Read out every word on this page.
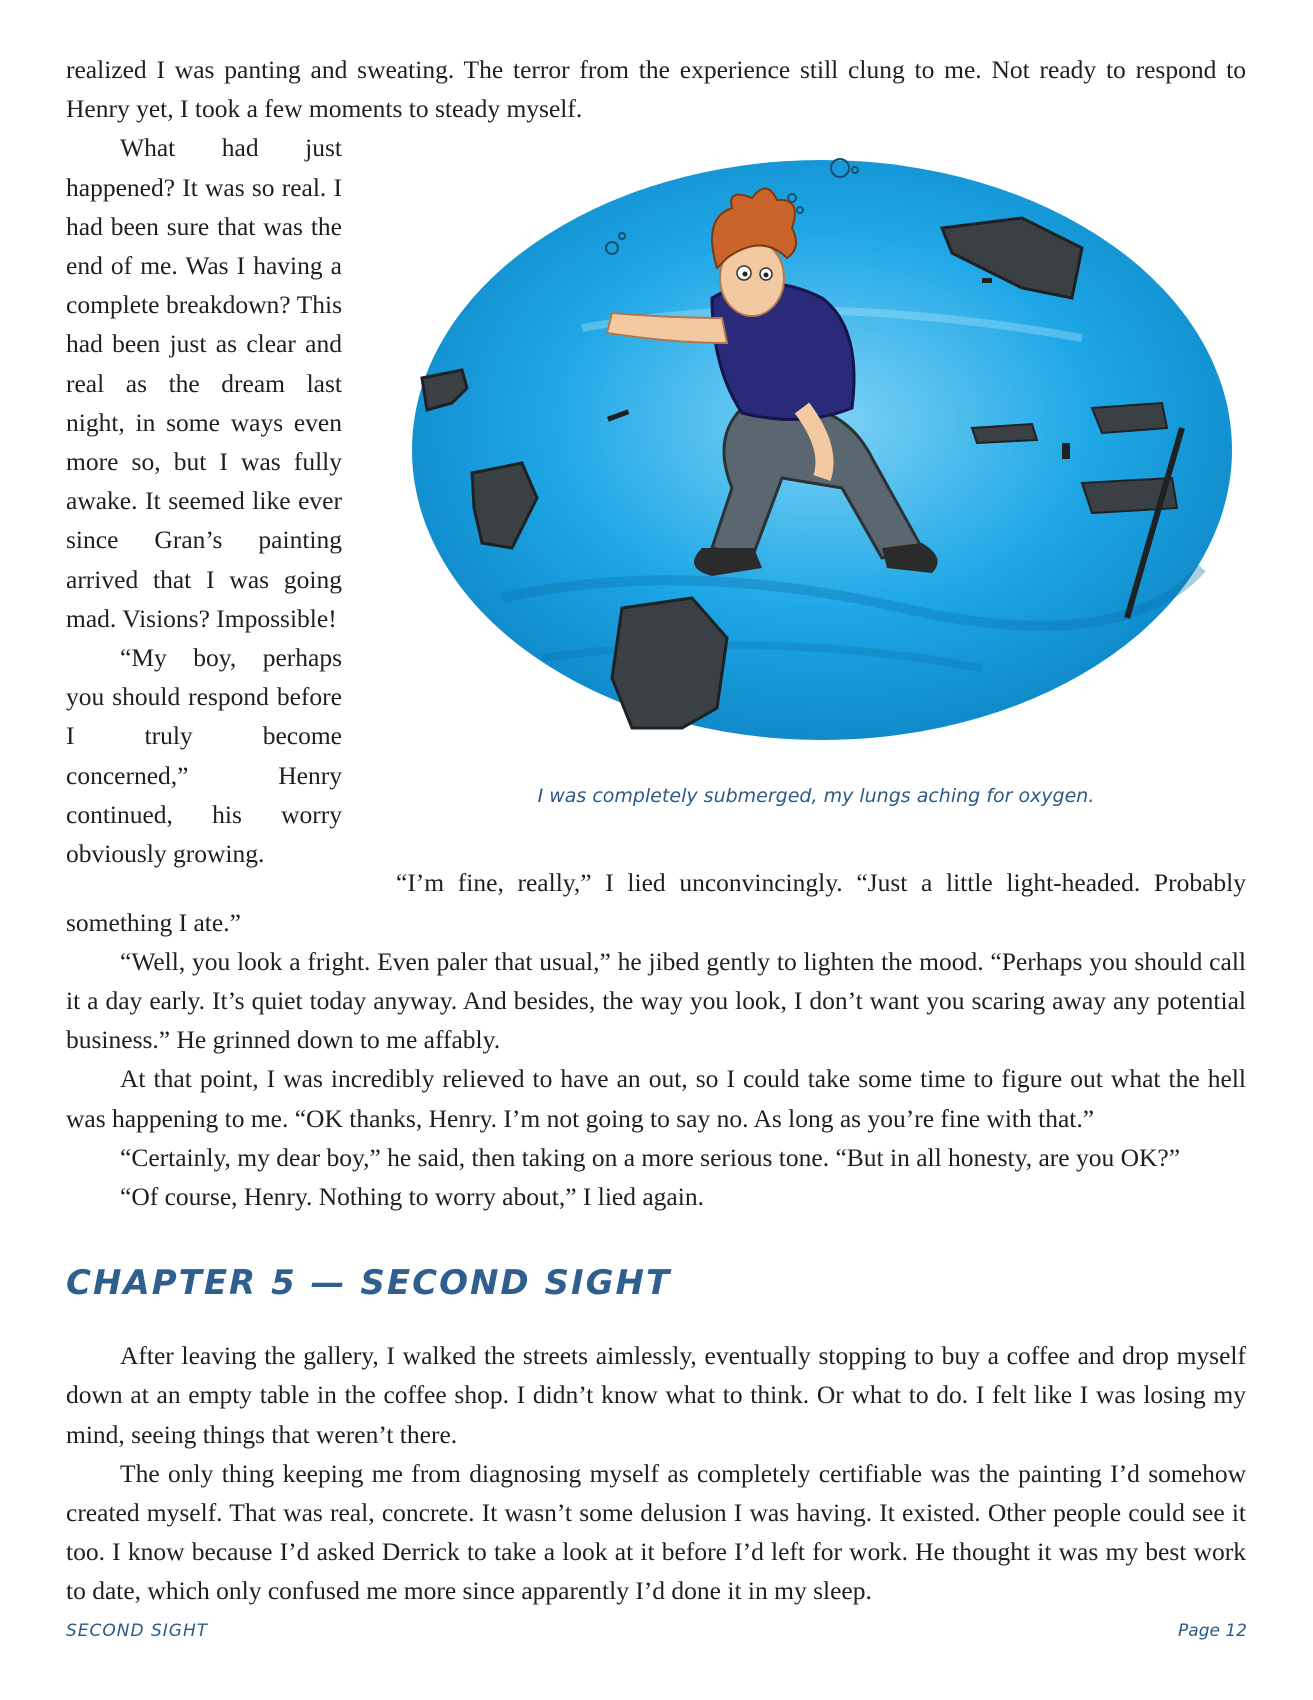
realized I was panting and sweating. The terror from the experience still clung to me. Not ready to respond to Henry yet, I took a few moments to steady myself.

What had just happened? It was so real. I had been sure that was the end of me. Was I having a complete breakdown? This had been just as clear and real as the dream last night, in some ways even more so, but I was fully awake. It seemed like ever since Gran’s painting arrived that I was going mad. Visions? Impossible!

“My boy, perhaps you should respond before I truly become concerned,” Henry continued, his worry obviously growing.

I was completely submerged, my lungs aching for oxygen.

“I’m fine, really,” I lied unconvincingly. “Just a little light-headed. Probably something I ate.”

“Well, you look a fright. Even paler that usual,” he jibed gently to lighten the mood. “Perhaps you should call it a day early. It’s quiet today anyway. And besides, the way you look, I don’t want you scaring away any potential business.” He grinned down to me affably.

At that point, I was incredibly relieved to have an out, so I could take some time to figure out what the hell was happening to me. “OK thanks, Henry. I’m not going to say no. As long as you’re fine with that.”

“Certainly, my dear boy,” he said, then taking on a more serious tone. “But in all honesty, are you OK?”

“Of course, Henry. Nothing to worry about,” I lied again.

CHAPTER 5 — SECOND SIGHT

After leaving the gallery, I walked the streets aimlessly, eventually stopping to buy a coffee and drop myself down at an empty table in the coffee shop. I didn’t know what to think. Or what to do. I felt like I was losing my mind, seeing things that weren’t there.

The only thing keeping me from diagnosing myself as completely certifiable was the painting I’d somehow created myself. That was real, concrete. It wasn’t some delusion I was having. It existed. Other people could see it too. I know because I’d asked Derrick to take a look at it before I’d left for work. He thought it was my best work to date, which only confused me more since apparently I’d done it in my sleep.

SECOND SIGHT	Page 12
